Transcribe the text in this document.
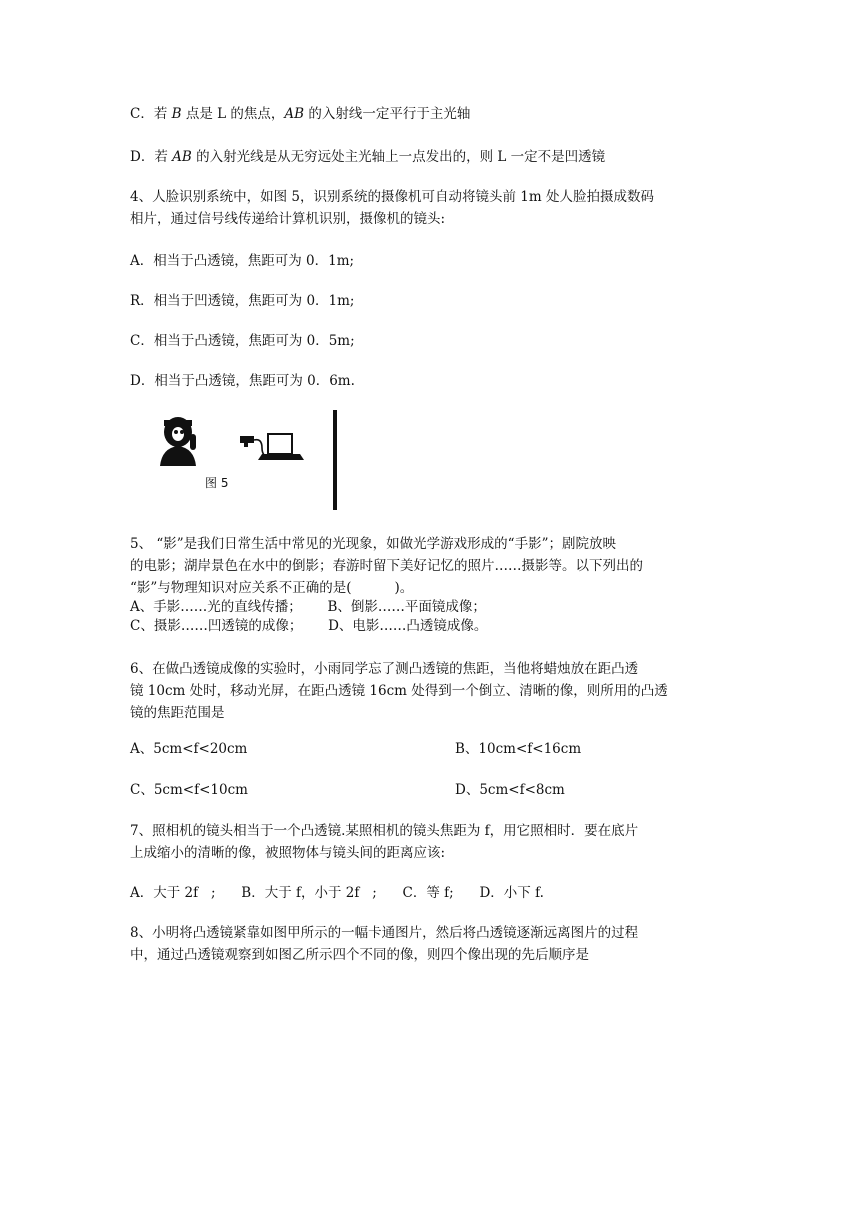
C．若 B 点是 L 的焦点，AB 的入射线一定平行于主光轴
D．若 AB 的入射光线是从无穷远处主光轴上一点发出的，则 L 一定不是凹透镜
4、人脸识别系统中，如图 5，识别系统的摄像机可自动将镜头前 1m 处人脸拍摄成数码
相片，通过信号线传递给计算机识别，摄像机的镜头:
A．相当于凸透镜，焦距可为 0．1m;
R．相当于凹透镜，焦距可为 0．1m;
C．相当于凸透镜，焦距可为 0．5m;
D．相当于凸透镜，焦距可为 0．6m.
图 5
5、 “影”是我们日常生活中常见的光现象，如做光学游戏形成的“手影”；剧院放映
的电影；湖岸景色在水中的倒影；春游时留下美好记忆的照片……摄影等。以下列出的
“影”与物理知识对应关系不正确的是(          )。
A、手影……光的直线传播；      B、倒影……平面镜成像；
C、摄影……凹透镜的成像；      D、电影……凸透镜成像。
6、在做凸透镜成像的实验时，小雨同学忘了测凸透镜的焦距，当他将蜡烛放在距凸透
镜 10cm 处时，移动光屏，在距凸透镜 16cm 处得到一个倒立、清晰的像，则所用的凸透
镜的焦距范围是
A、5cm<f<20cm	B、10cm<f<16cm
C、5cm<f<10cm	D、5cm<f<8cm
7、照相机的镜头相当于一个凸透镜.某照相机的镜头焦距为 f，用它照相时．要在底片
上成缩小的清晰的像，被照物体与镜头间的距离应该:
A．大于 2f   ;      B．大于 f，小于 2f   ;      C．等 f;      D．小下 f.
8、小明将凸透镜紧靠如图甲所示的一幅卡通图片，然后将凸透镜逐渐远离图片的过程
中，通过凸透镜观察到如图乙所示四个不同的像，则四个像出现的先后顺序是
